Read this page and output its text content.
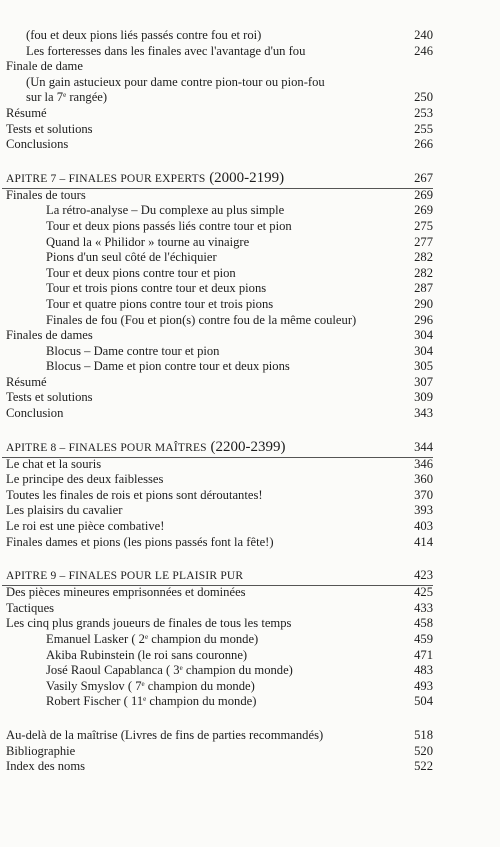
(fou et deux pions liés passés contre fou et roi)	240
Les forteresses dans les finales avec l'avantage d'un fou	246
Finale de dame
(Un gain astucieux pour dame contre pion-tour ou pion-fou
sur la 7e rangée)	250
Résumé	253
Tests et solutions	255
Conclusions	266
APITRE 7 – FINALES POUR EXPERTS (2000-2199)	267
Finales de tours	269
La rétro-analyse – Du complexe au plus simple	269
Tour et deux pions passés liés contre tour et pion	275
Quand la « Philidor » tourne au vinaigre	277
Pions d'un seul côté de l'échiquier	282
Tour et deux pions contre tour et pion	282
Tour et trois pions contre tour et deux pions	287
Tour et quatre pions contre tour et trois pions	290
Finales de fou (Fou et pion(s) contre fou de la même couleur)	296
Finales de dames	304
Blocus – Dame contre tour et pion	304
Blocus – Dame et pion contre tour et deux pions	305
Résumé	307
Tests et solutions	309
Conclusion	343
APITRE 8 – FINALES POUR MAÎTRES (2200-2399)	344
Le chat et la souris	346
Le principe des deux faiblesses	360
Toutes les finales de rois et pions sont déroutantes!	370
Les plaisirs du cavalier	393
Le roi est une pièce combative!	403
Finales dames et pions (les pions passés font la fête!)	414
APITRE 9 – FINALES POUR LE PLAISIR PUR	423
Des pièces mineures emprisonnées et dominées	425
Tactiques	433
Les cinq plus grands joueurs de finales de tous les temps	458
Emanuel Lasker ( 2e champion du monde)	459
Akiba Rubinstein (le roi sans couronne)	471
José Raoul Capablanca ( 3e champion du monde)	483
Vasily Smyslov ( 7e champion du monde)	493
Robert Fischer ( 11e champion du monde)	504
Au-delà de la maîtrise (Livres de fins de parties recommandés)	518
Bibliographie	520
Index des noms	522
